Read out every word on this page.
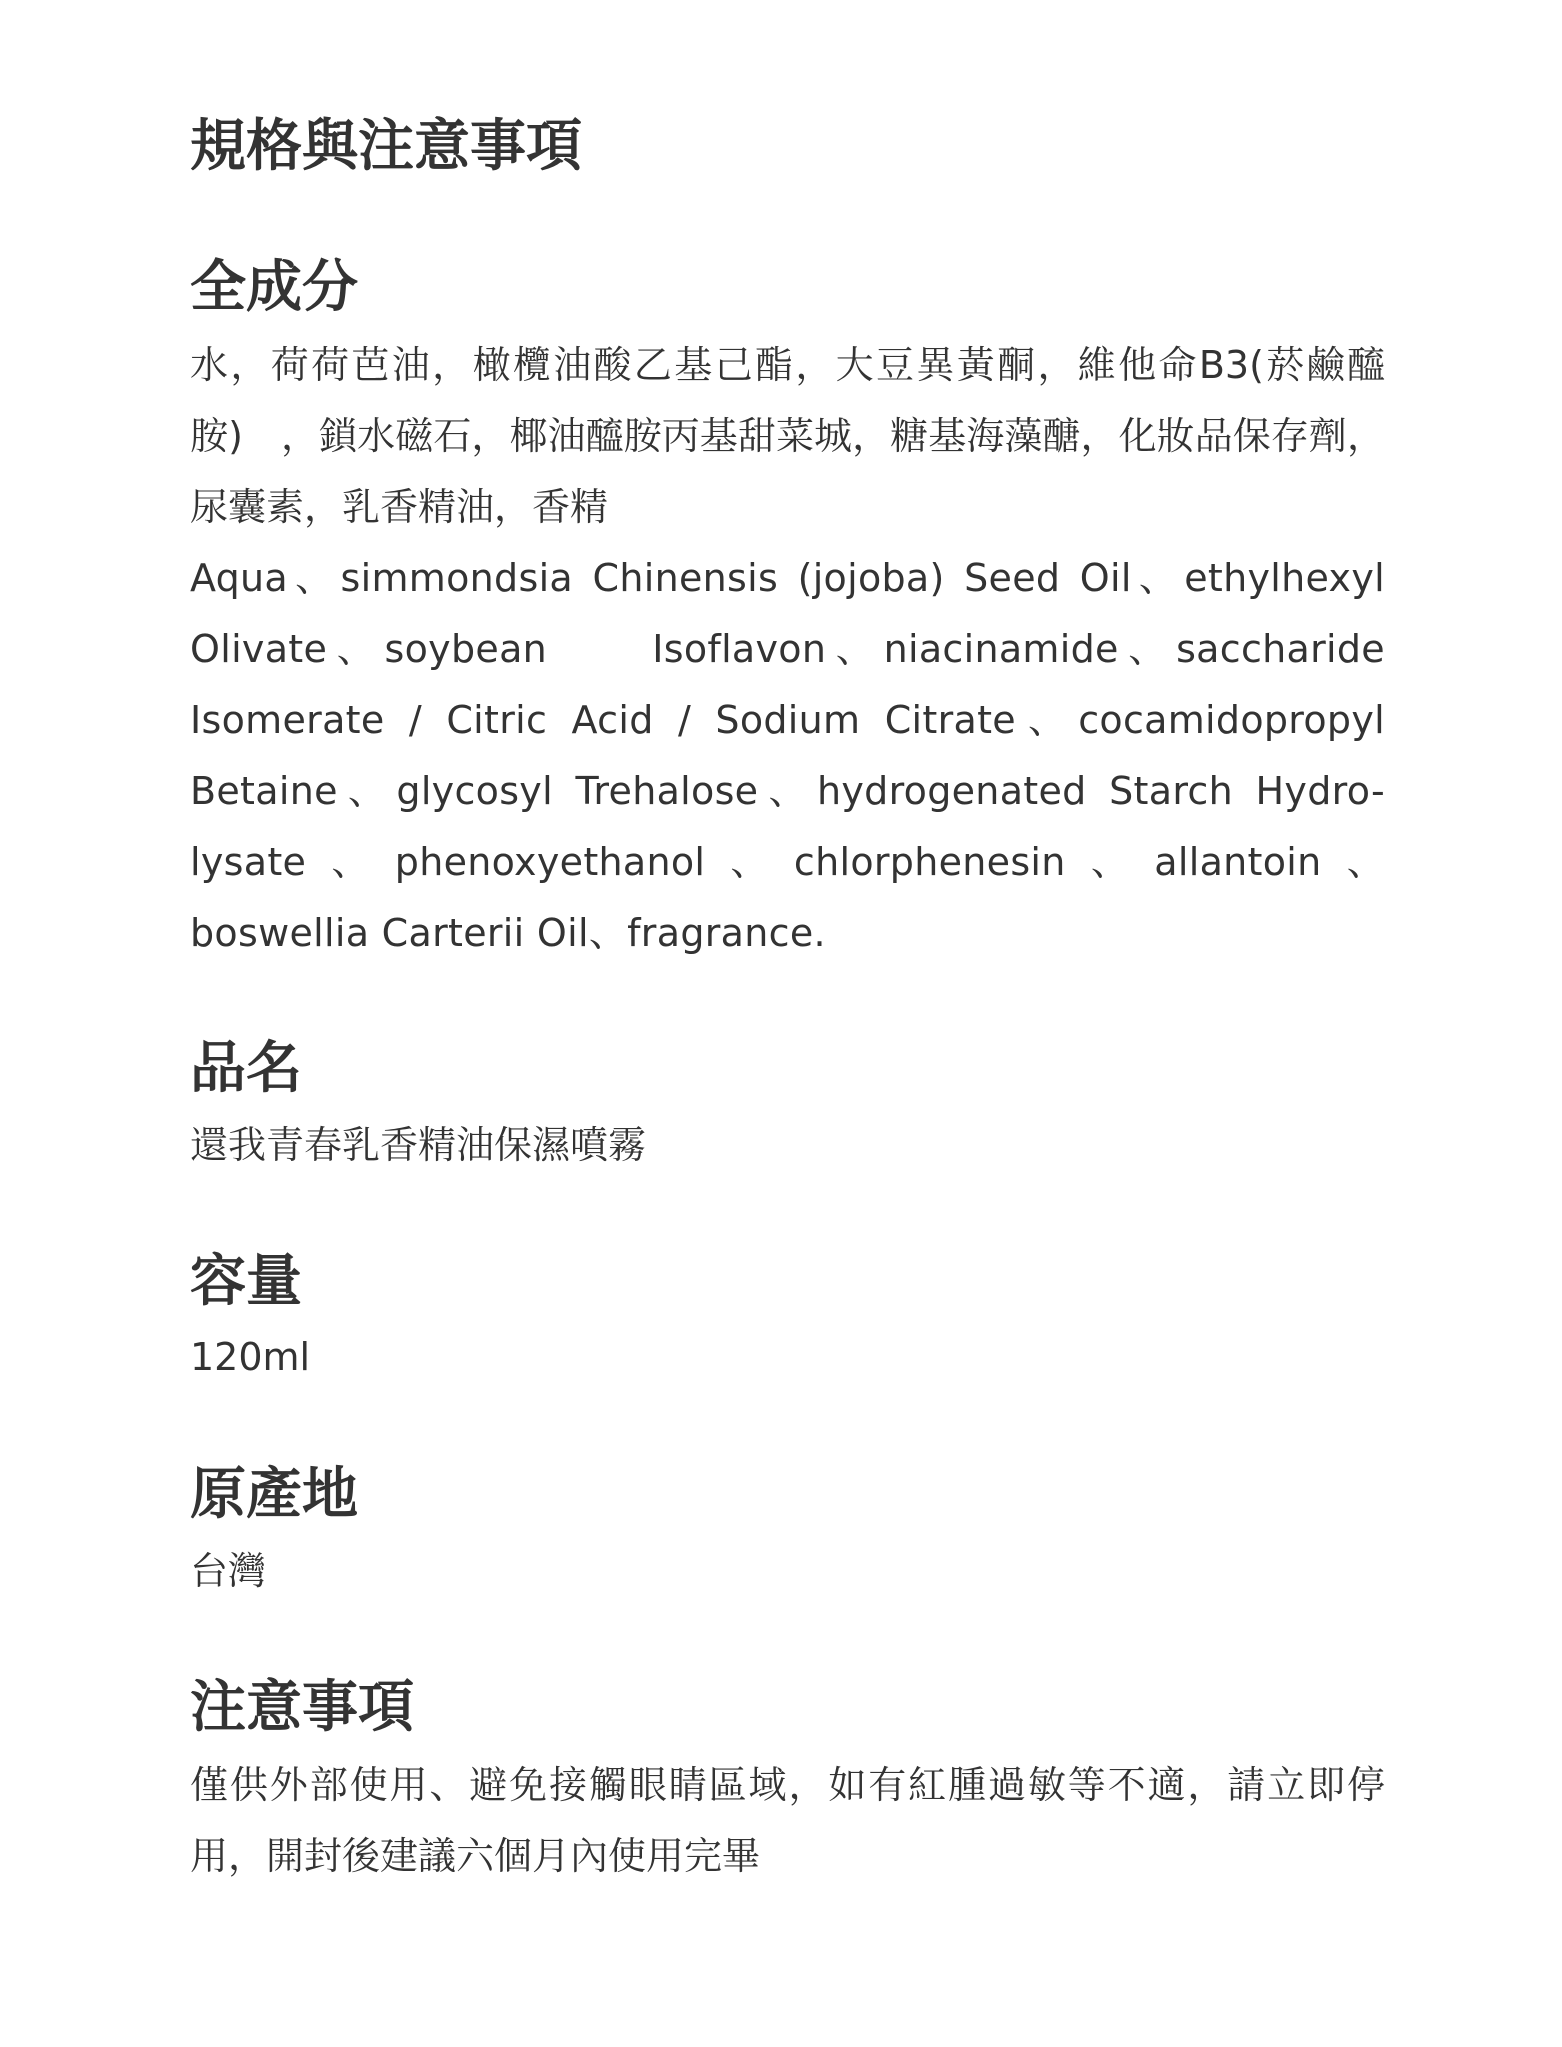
規格與注意事項
全成分

水，荷荷芭油，橄欖油酸乙基己酯，大豆異黃酮，維他命B3(菸鹼醯胺)　，鎖水磁石，椰油醯胺丙基甜菜城，糖基海藻醣，化妝品保存劑，尿囊素，乳香精油，香精

Aqua、simmondsia Chinensis (jojoba) Seed Oil、ethylhexyl Olivate、soybean　　Isoflavon、niacinamide、saccharide Isomerate / Citric Acid / Sodium Citrate、cocamidopropyl Betaine、glycosyl Trehalose、hydrogenated Starch Hydro-lysate、phenoxyethanol、chlorphenesin、allantoin、boswellia Carterii Oil、fragrance.

品名

還我青春乳香精油保濕噴霧

容量

120ml

原產地

台灣

注意事項

僅供外部使用、避免接觸眼睛區域，如有紅腫過敏等不適，請立即停用，開封後建議六個月內使用完畢
